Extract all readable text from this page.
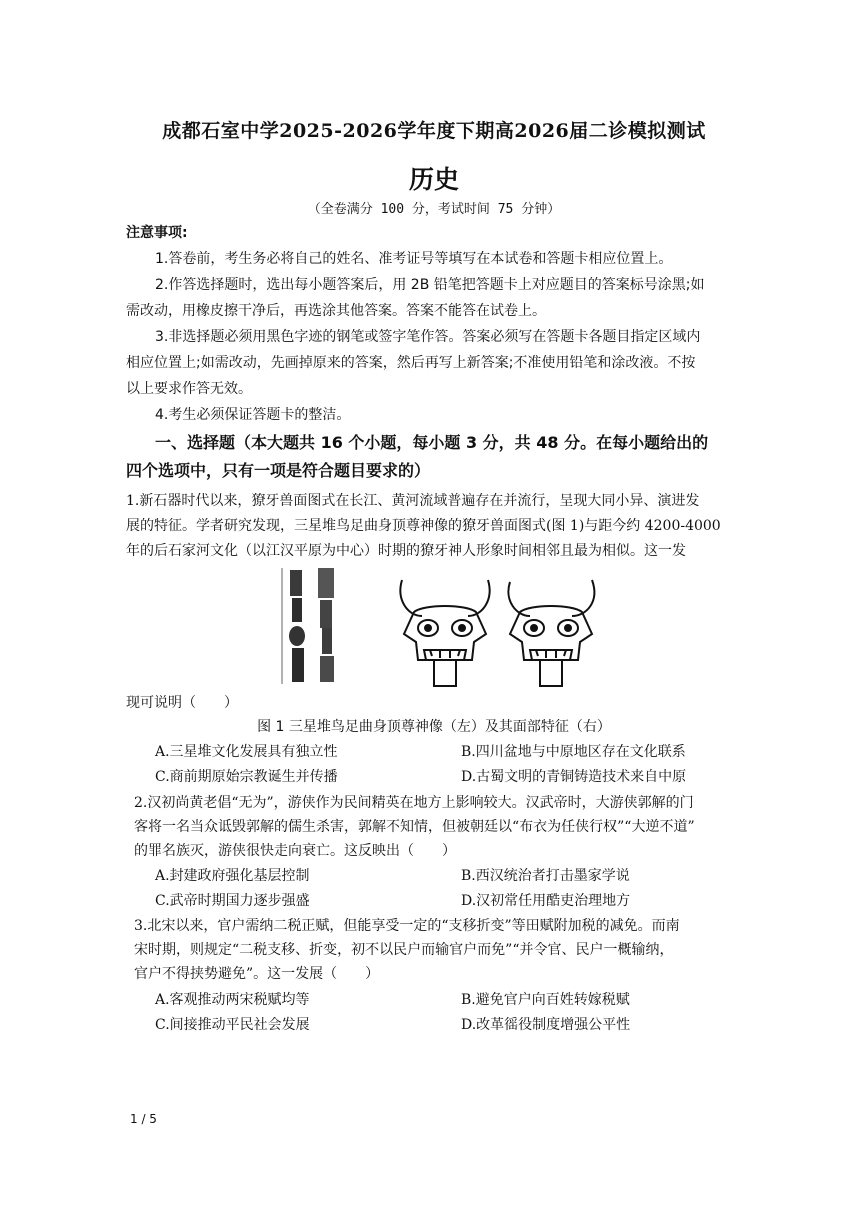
成都石室中学2025-2026学年度下期高2026届二诊模拟测试
历史
（全卷满分 100 分，考试时间 75 分钟）
注意事项:
1.答卷前，考生务必将自己的姓名、准考证号等填写在本试卷和答题卡相应位置上。
2.作答选择题时，选出每小题答案后，用 2B 铅笔把答题卡上对应题目的答案标号涂黑;如
需改动，用橡皮擦干净后，再选涂其他答案。答案不能答在试卷上。
3.非选择题必须用黑色字迹的钢笔或签字笔作答。答案必须写在答题卡各题目指定区域内
相应位置上;如需改动，先画掉原来的答案，然后再写上新答案;不准使用铅笔和涂改液。不按
以上要求作答无效。
4.考生必须保证答题卡的整洁。
一、选择题（本大题共 16 个小题，每小题 3 分，共 48 分。在每小题给出的
四个选项中，只有一项是符合题目要求的）
1.新石器时代以来，獠牙兽面图式在长江、黄河流域普遍存在并流行，呈现大同小异、演进发
展的特征。学者研究发现，三星堆鸟足曲身顶尊神像的獠牙兽面图式(图 1)与距今约 4200-4000
年的后石家河文化（以江汉平原为中心）时期的獠牙神人形象时间相邻且最为相似。这一发
现可说明（　　）
图 1 三星堆鸟足曲身顶尊神像（左）及其面部特征（右）
A.三星堆文化发展具有独立性	B.四川盆地与中原地区存在文化联系
C.商前期原始宗教诞生并传播	D.古蜀文明的青铜铸造技术来自中原
2.汉初尚黄老倡“无为”，游侠作为民间精英在地方上影响较大。汉武帝时，大游侠郭解的门
客将一名当众诋毁郭解的儒生杀害，郭解不知情，但被朝廷以“布衣为任侠行权”“大逆不道”
的罪名族灭，游侠很快走向衰亡。这反映出（　　）
A.封建政府强化基层控制	B.西汉统治者打击墨家学说
C.武帝时期国力逐步强盛	D.汉初常任用酷吏治理地方
3.北宋以来，官户需纳二税正赋，但能享受一定的“支移折变”等田赋附加税的减免。而南
宋时期，则规定“二税支移、折变，初不以民户而输官户而免”“并令官、民户一概输纳，
官户不得挟势避免”。这一发展（　　）
A.客观推动两宋税赋均等	B.避免官户向百姓转嫁税赋
C.间接推动平民社会发展	D.改革徭役制度增强公平性
1 / 5
